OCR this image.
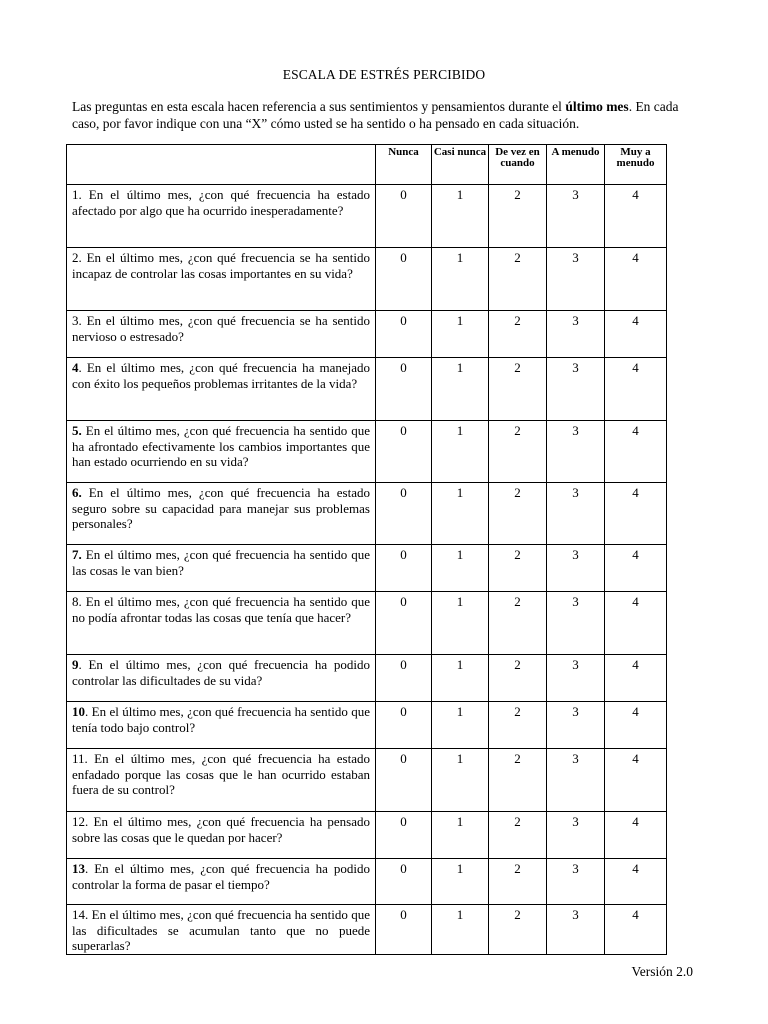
ESCALA DE ESTRÉS PERCIBIDO
Las preguntas en esta escala hacen referencia a sus sentimientos y pensamientos durante el último mes. En cada caso, por favor indique con una “X” cómo usted se ha sentido o ha pensado en cada situación.
	Nunca	Casi nunca	De vez en cuando	A menudo	Muy a menudo
1. En el último mes, ¿con qué frecuencia ha estado afectado por algo que ha ocurrido inesperadamente?	0	1	2	3	4
2. En el último mes, ¿con qué frecuencia se ha sentido incapaz de controlar las cosas importantes en su vida?	0	1	2	3	4
3. En el último mes, ¿con qué frecuencia se ha sentido nervioso o estresado?	0	1	2	3	4
4. En el último mes, ¿con qué frecuencia ha manejado con éxito los pequeños problemas irritantes de la vida?	0	1	2	3	4
5. En el último mes, ¿con qué frecuencia ha sentido que ha afrontado efectivamente los cambios importantes que han estado ocurriendo en su vida?	0	1	2	3	4
6. En el último mes, ¿con qué frecuencia ha estado seguro sobre su capacidad para manejar sus problemas personales?	0	1	2	3	4
7. En el último mes, ¿con qué frecuencia ha sentido que las cosas le van bien?	0	1	2	3	4
8. En el último mes, ¿con qué frecuencia ha sentido que no podía afrontar todas las cosas que tenía que hacer?	0	1	2	3	4
9. En el último mes, ¿con qué frecuencia ha podido controlar las dificultades de su vida?	0	1	2	3	4
10. En el último mes, ¿con qué frecuencia ha sentido que tenía todo bajo control?	0	1	2	3	4
11. En el último mes, ¿con qué frecuencia ha estado enfadado porque las cosas que le han ocurrido estaban fuera de su control?	0	1	2	3	4
12. En el último mes, ¿con qué frecuencia ha pensado sobre las cosas que le quedan por hacer?	0	1	2	3	4
13. En el último mes, ¿con qué frecuencia ha podido controlar la forma de pasar el tiempo?	0	1	2	3	4
14. En el último mes, ¿con qué frecuencia ha sentido que las dificultades se acumulan tanto que no puede superarlas?	0	1	2	3	4
Versión 2.0
